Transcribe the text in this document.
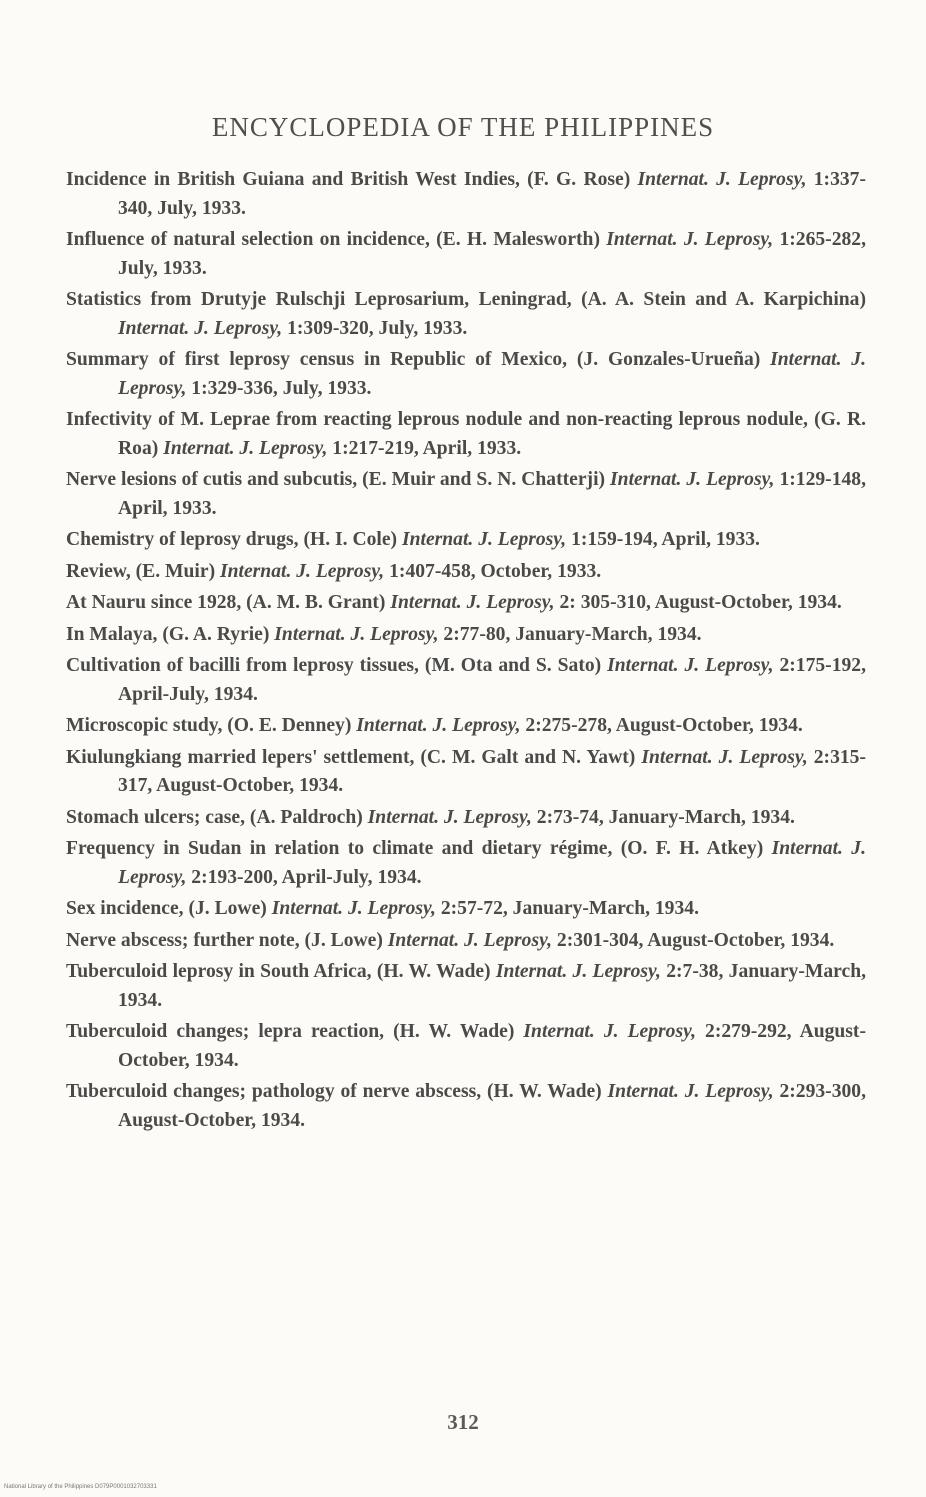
ENCYCLOPEDIA OF THE PHILIPPINES
Incidence in British Guiana and British West Indies, (F. G. Rose) Internat. J. Leprosy, 1:337-340, July, 1933.
Influence of natural selection on incidence, (E. H. Malesworth) Internat. J. Leprosy, 1:265-282, July, 1933.
Statistics from Drutyje Rulschji Leprosarium, Leningrad, (A. A. Stein and A. Karpichina) Internat. J. Leprosy, 1:309-320, July, 1933.
Summary of first leprosy census in Republic of Mexico, (J. Gonzales-Urueña) Internat. J. Leprosy, 1:329-336, July, 1933.
Infectivity of M. Leprae from reacting leprous nodule and non-reacting leprous nodule, (G. R. Roa) Internat. J. Leprosy, 1:217-219, April, 1933.
Nerve lesions of cutis and subcutis, (E. Muir and S. N. Chatterji) Internat. J. Leprosy, 1:129-148, April, 1933.
Chemistry of leprosy drugs, (H. I. Cole) Internat. J. Leprosy, 1:159-194, April, 1933.
Review, (E. Muir) Internat. J. Leprosy, 1:407-458, October, 1933.
At Nauru since 1928, (A. M. B. Grant) Internat. J. Leprosy, 2: 305-310, August-October, 1934.
In Malaya, (G. A. Ryrie) Internat. J. Leprosy, 2:77-80, January-March, 1934.
Cultivation of bacilli from leprosy tissues, (M. Ota and S. Sato) Internat. J. Leprosy, 2:175-192, April-July, 1934.
Microscopic study, (O. E. Denney) Internat. J. Leprosy, 2:275-278, August-October, 1934.
Kiulungkiang married lepers' settlement, (C. M. Galt and N. Yawt) Internat. J. Leprosy, 2:315-317, August-October, 1934.
Stomach ulcers; case, (A. Paldroch) Internat. J. Leprosy, 2:73-74, January-March, 1934.
Frequency in Sudan in relation to climate and dietary régime, (O. F. H. Atkey) Internat. J. Leprosy, 2:193-200, April-July, 1934.
Sex incidence, (J. Lowe) Internat. J. Leprosy, 2:57-72, January-March, 1934.
Nerve abscess; further note, (J. Lowe) Internat. J. Leprosy, 2:301-304, August-October, 1934.
Tuberculoid leprosy in South Africa, (H. W. Wade) Internat. J. Leprosy, 2:7-38, January-March, 1934.
Tuberculoid changes; lepra reaction, (H. W. Wade) Internat. J. Leprosy, 2:279-292, August-October, 1934.
Tuberculoid changes; pathology of nerve abscess, (H. W. Wade) Internat. J. Leprosy, 2:293-300, August-October, 1934.
312
National Library of the Philippines D079P0001032703331
